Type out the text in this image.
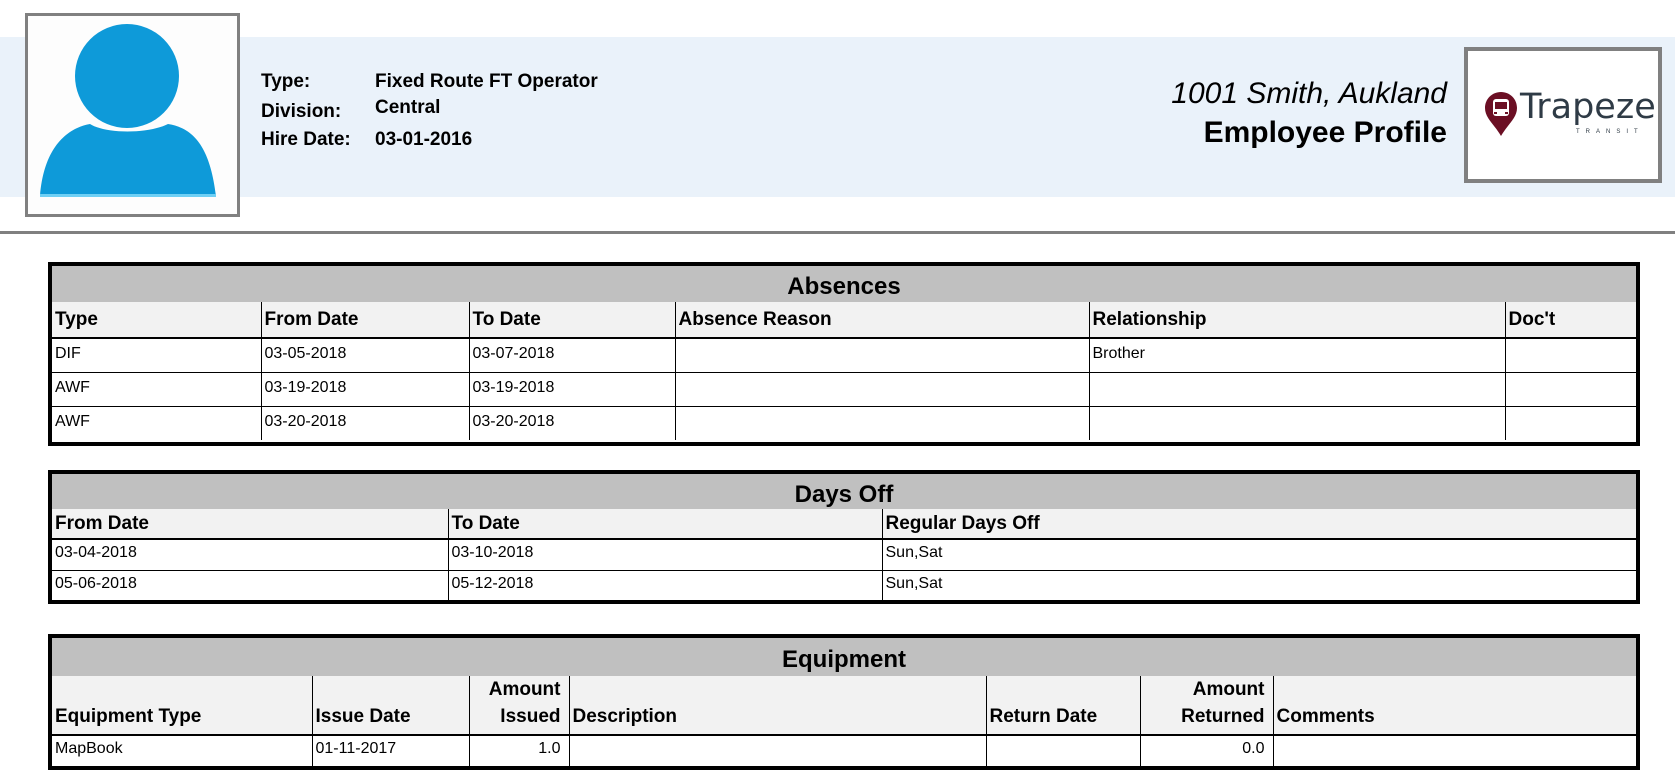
Type:	Fixed Route FT Operator
Division: Central
Hire Date: 03-01-2016
1001 Smith, Aukland
Employee Profile
Trapeze
TRANSIT
Absences
Type	From Date	To Date	Absence Reason	Relationship	Doc't
DIF	03-05-2018	03-07-2018		Brother	
AWF	03-19-2018	03-19-2018			
AWF	03-20-2018	03-20-2018			
Days Off
From Date	To Date	Regular Days Off
03-04-2018	03-10-2018	Sun,Sat
05-06-2018	05-12-2018	Sun,Sat
Equipment
Equipment Type	Issue Date	Amount Issued	Description	Return Date	Amount Returned	Comments
MapBook	01-11-2017	1.0			0.0	
